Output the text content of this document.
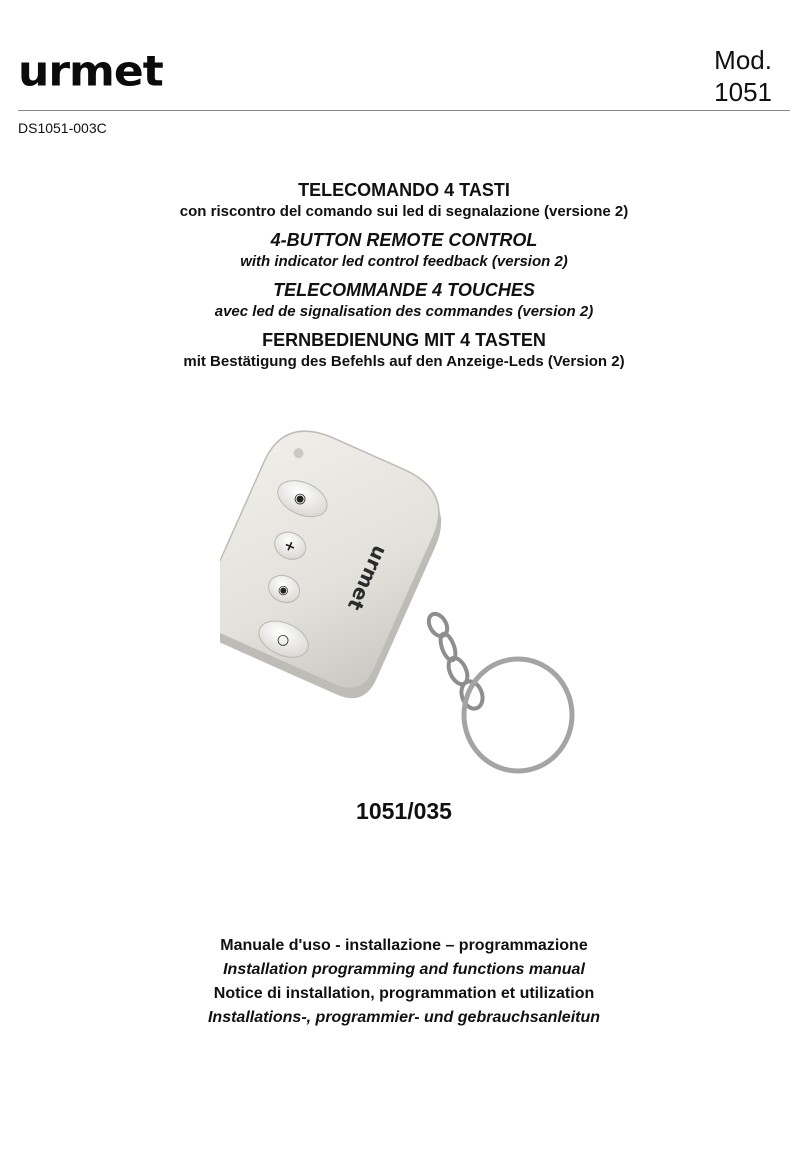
urmet	Mod.
1051
DS1051-003C
TELECOMANDO 4 TASTI
con riscontro del comando sui led di segnalazione (versione 2)
4-BUTTON REMOTE CONTROL
with indicator led control feedback (version 2)
TELECOMMANDE 4 TOUCHES
avec led de signalisation des commandes (version 2)
FERNBEDIENUNG MIT 4 TASTEN
mit Bestätigung des Befehls auf den Anzeige-Leds (Version 2)
◉
+
◉
○
urmet
1051/035
Manuale d'uso - installazione – programmazione
Installation programming and functions manual
Notice di installation, programmation et utilization
Installations-, programmier- und gebrauchsanleitun
